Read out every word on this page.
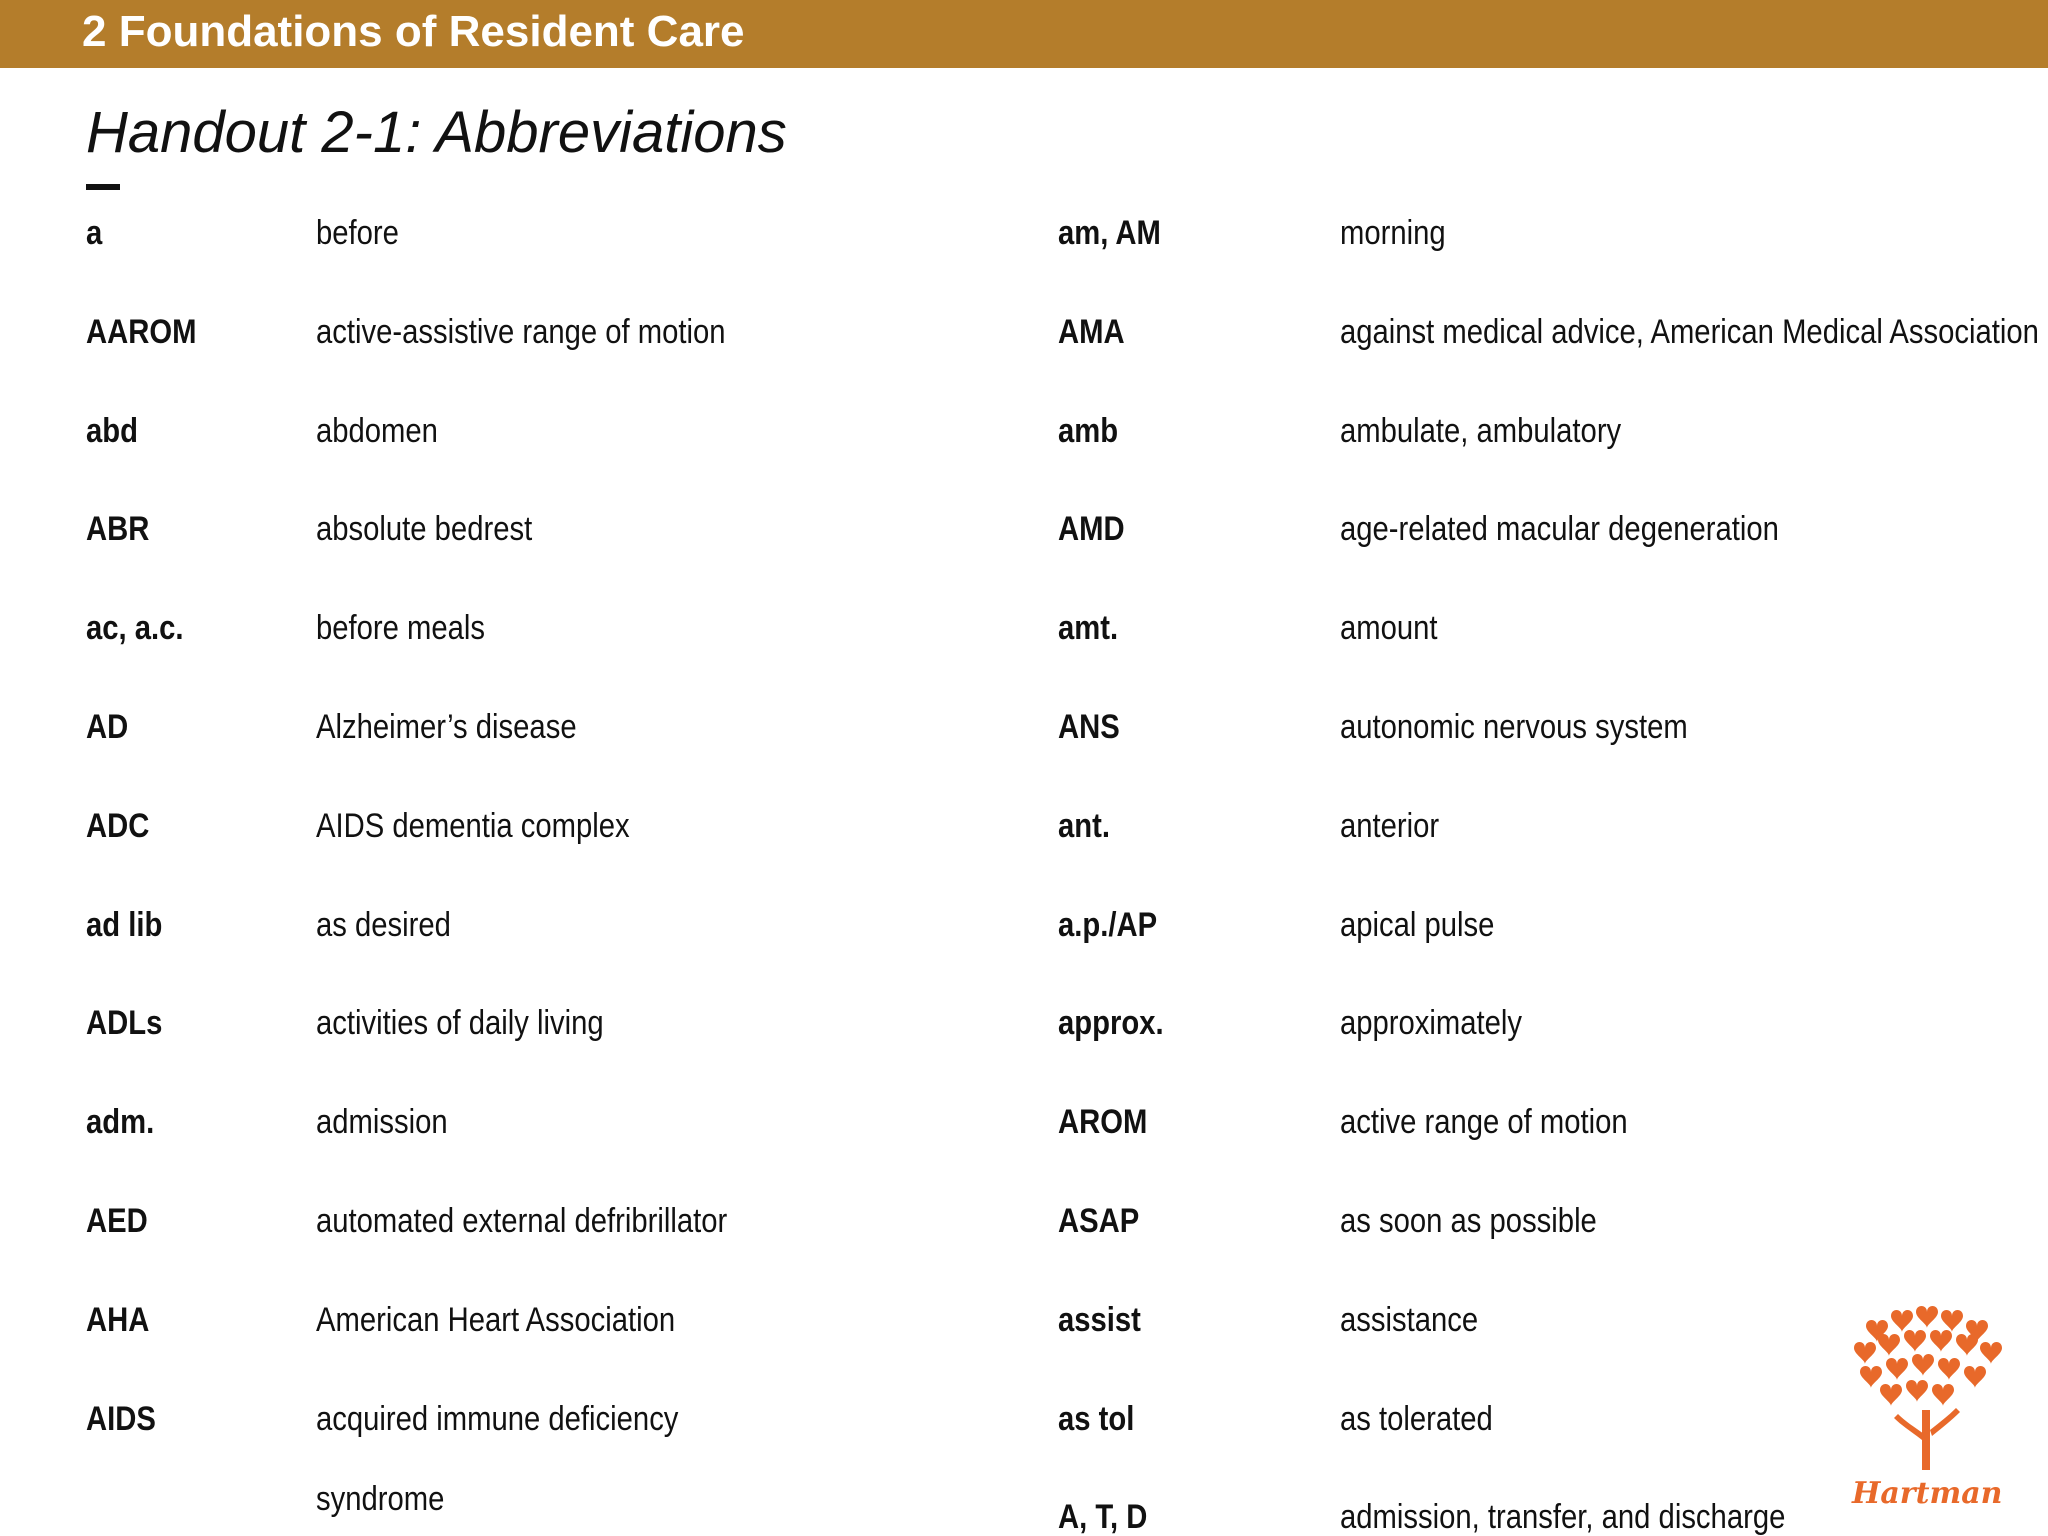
2 Foundations of Resident Care
Handout 2-1: Abbreviations
a	before
AAROM	active-assistive range of motion
abd	abdomen
ABR	absolute bedrest
ac, a.c.	before meals
AD	Alzheimer’s disease
ADC	AIDS dementia complex
ad lib	as desired
ADLs	activities of daily living
adm.	admission
AED	automated external defribrillator
AHA	American Heart Association
AIDS	acquired immune deficiency
syndrome
am, AM	morning
AMA	against medical advice, American Medical Association
amb	ambulate, ambulatory
AMD	age-related macular degeneration
amt.	amount
ANS	autonomic nervous system
ant.	anterior
a.p./AP	apical pulse
approx.	approximately
AROM	active range of motion
ASAP	as soon as possible
assist	assistance
as tol	as tolerated
A, T, D	admission, transfer, and discharge
Hartman
